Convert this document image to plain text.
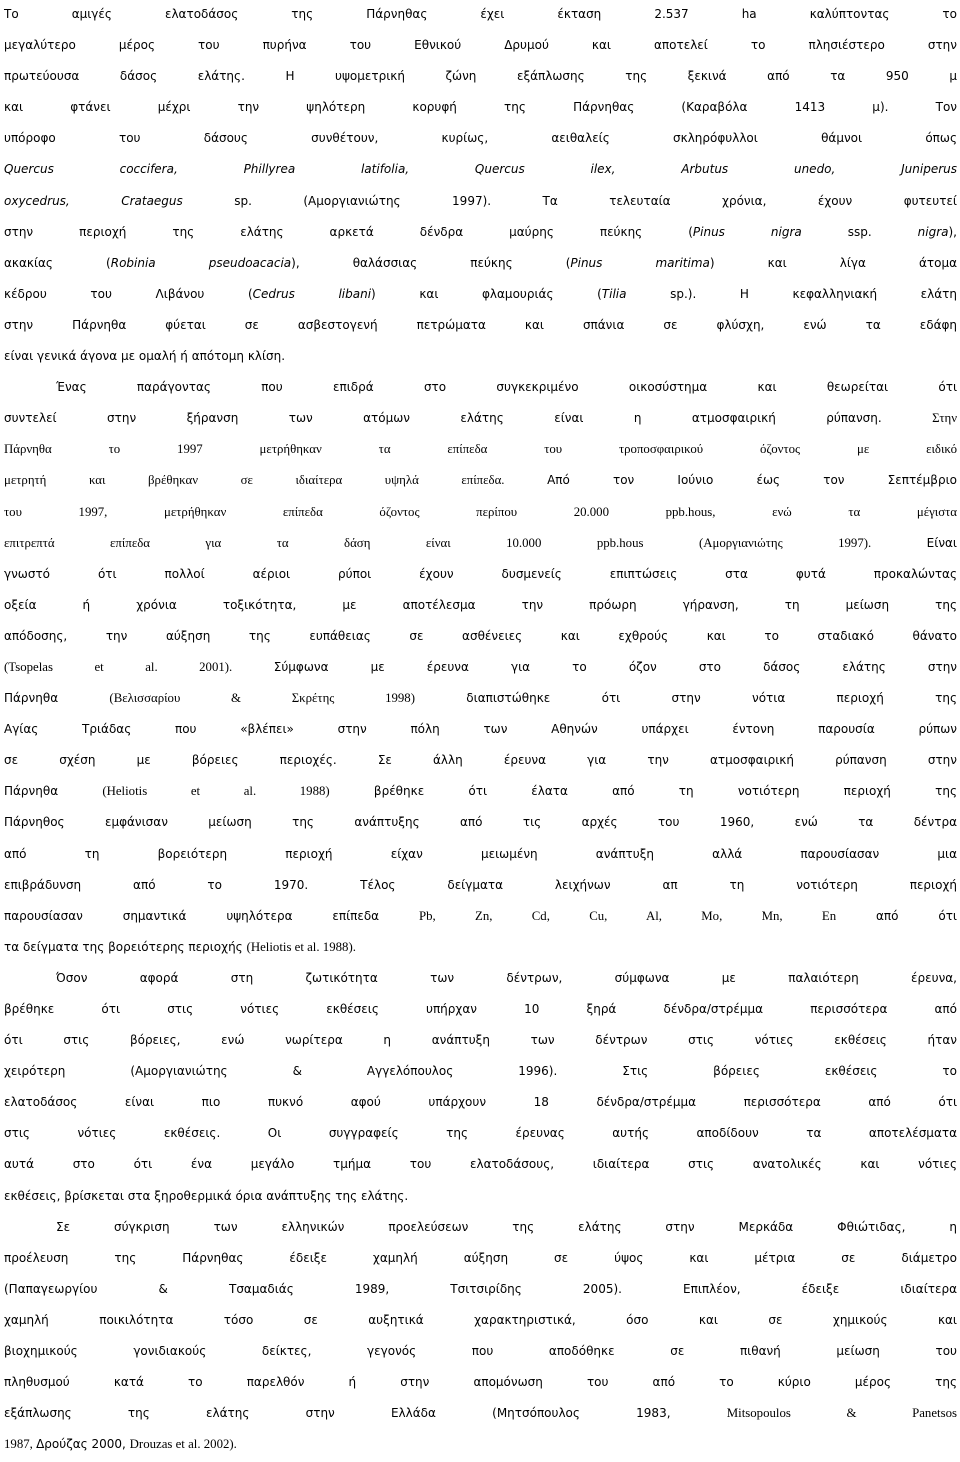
Το αμιγές ελατοδάσος της Πάρνηθας έχει έκταση 2.537 ha καλύπτοντας το
μεγαλύτερο μέρος του πυρήνα του Εθνικού Δρυμού και αποτελεί το πλησιέστερο στην
πρωτεύουσα δάσος ελάτης. Η υψομετρική ζώνη εξάπλωσης της ξεκινά από τα 950 μ
και φτάνει μέχρι την ψηλότερη κορυφή της Πάρνηθας (Καραβόλα 1413 μ). Τον
υπόροφο του δάσους συνθέτουν, κυρίως, αειθαλείς σκληρόφυλλοι θάμνοι όπως
Quercus coccifera, Phillyrea latifolia, Quercus ilex, Arbutus unedo, Juniperus
oxycedrus, Crataegus sp. (Αμοργιανιώτης 1997). Τα τελευταία χρόνια, έχουν φυτευτεί
στην περιοχή της ελάτης αρκετά δένδρα μαύρης πεύκης (Pinus nigra ssp. nigra),
ακακίας (Robinia pseudoacacia), θαλάσσιας πεύκης (Pinus maritima) και λίγα άτομα
κέδρου του Λιβάνου (Cedrus libani) και φλαμουριάς (Tilia sp.). Η κεφαλληνιακή ελάτη
στην Πάρνηθα φύεται σε ασβεστογενή πετρώματα και σπάνια σε φλύσχη, ενώ τα εδάφη
είναι γενικά άγονα με ομαλή ή απότομη κλίση.
Ένας παράγοντας που επιδρά στο συγκεκριμένο οικοσύστημα και θεωρείται ότι
συντελεί στην ξήρανση των ατόμων ελάτης είναι η ατμοσφαιρική ρύπανση. Στην
Πάρνηθα το 1997 μετρήθηκαν τα επίπεδα του τροποσφαιρικού όζοντος με ειδικό
μετρητή και βρέθηκαν σε ιδιαίτερα υψηλά επίπεδα. Από τον Ιούνιο έως τον Σεπτέμβριο
του 1997, μετρήθηκαν επίπεδα όζοντος περίπου 20.000 ppb.hous, ενώ τα μέγιστα
επιτρεπτά επίπεδα για τα δάση είναι 10.000 ppb.hous (Αμοργιανιώτης 1997). Είναι
γνωστό ότι πολλοί αέριοι ρύποι έχουν δυσμενείς επιπτώσεις στα φυτά προκαλώντας
οξεία ή χρόνια τοξικότητα, με αποτέλεσμα την πρόωρη γήρανση, τη μείωση της
απόδοσης, την αύξηση της ευπάθειας σε ασθένειες και εχθρούς και το σταδιακό θάνατο
(Tsopelas et al. 2001). Σύμφωνα με έρευνα για το όζον στο δάσος ελάτης στην
Πάρνηθα (Βελισσαρίου & Σκρέτης 1998) διαπιστώθηκε ότι στην νότια περιοχή της
Αγίας Τριάδας που «βλέπει» στην πόλη των Αθηνών υπάρχει έντονη παρουσία ρύπων
σε σχέση με βόρειες περιοχές. Σε άλλη έρευνα για την ατμοσφαιρική ρύπανση στην
Πάρνηθα (Heliotis et al. 1988) βρέθηκε ότι έλατα από τη νοτιότερη περιοχή της
Πάρνηθος εμφάνισαν μείωση της ανάπτυξης από τις αρχές του 1960, ενώ τα δέντρα
από τη βορειότερη περιοχή είχαν μειωμένη ανάπτυξη αλλά παρουσίασαν μια
επιβράδυνση από το 1970. Τέλος δείγματα λειχήνων απ τη νοτιότερη περιοχή
παρουσίασαν σημαντικά υψηλότερα επίπεδα Pb, Zn, Cd, Cu, Al, Mo, Mn, En από ότι
τα δείγματα της βορειότερης περιοχής (Heliotis et al. 1988).
Όσον αφορά στη ζωτικότητα των δέντρων, σύμφωνα με παλαιότερη έρευνα,
βρέθηκε ότι στις νότιες εκθέσεις υπήρχαν 10 ξηρά δένδρα/στρέμμα περισσότερα από
ότι στις βόρειες, ενώ νωρίτερα η ανάπτυξη των δέντρων στις νότιες εκθέσεις ήταν
χειρότερη (Αμοργιανιώτης & Αγγελόπουλος 1996). Στις βόρειες εκθέσεις το
ελατοδάσος είναι πιο πυκνό αφού υπάρχουν 18 δένδρα/στρέμμα περισσότερα από ότι
στις νότιες εκθέσεις. Οι συγγραφείς της έρευνας αυτής αποδίδουν τα αποτελέσματα
αυτά στο ότι ένα μεγάλο τμήμα του ελατοδάσους, ιδιαίτερα στις ανατολικές και νότιες
εκθέσεις, βρίσκεται στα ξηροθερμικά όρια ανάπτυξης της ελάτης.
Σε σύγκριση των ελληνικών προελεύσεων της ελάτης στην Μερκάδα Φθιώτιδας, η
προέλευση της Πάρνηθας έδειξε χαμηλή αύξηση σε ύψος και μέτρια σε διάμετρο
(Παπαγεωργίου & Τσαμαδιάς 1989, Τσιτσιρίδης 2005). Επιπλέον, έδειξε ιδιαίτερα
χαμηλή ποικιλότητα τόσο σε αυξητικά χαρακτηριστικά, όσο και σε χημικούς και
βιοχημικούς γονιδιακούς δείκτες, γεγονός που αποδόθηκε σε πιθανή μείωση του
πληθυσμού κατά το παρελθόν ή στην απομόνωση του από το κύριο μέρος της
εξάπλωσης της ελάτης στην Ελλάδα (Μητσόπουλος 1983, Mitsopoulos & Panetsos
1987, Δρούζας 2000, Drouzas et al. 2002).
